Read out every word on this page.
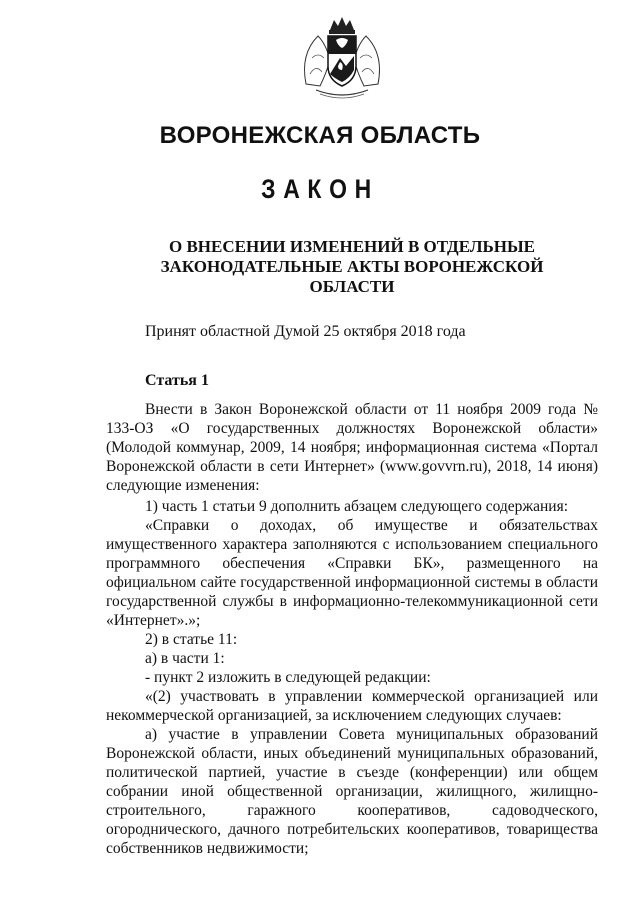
ВОРОНЕЖСКАЯ ОБЛАСТЬ
ЗАКОН
О ВНЕСЕНИИ ИЗМЕНЕНИЙ В ОТДЕЛЬНЫЕ ЗАКОНОДАТЕЛЬНЫЕ АКТЫ ВОРОНЕЖСКОЙ ОБЛАСТИ
Принят областной Думой 25 октября 2018 года
Статья 1

Внести в Закон Воронежской области от 11 ноября 2009 года № 133-ОЗ «О государственных должностях Воронежской области» (Молодой коммунар, 2009, 14 ноября; информационная система «Портал Воронежской области в сети Интернет» (www.govvrn.ru), 2018, 14 июня) следующие изменения:

1) часть 1 статьи 9 дополнить абзацем следующего содержания:

«Справки о доходах, об имуществе и обязательствах имущественного характера заполняются с использованием специального программного обеспечения «Справки БК», размещенного на официальном сайте государственной информационной системы в области государственной службы в информационно-телекоммуникационной сети «Интернет».»;

2) в статье 11:

а) в части 1:

- пункт 2 изложить в следующей редакции:

«(2) участвовать в управлении коммерческой организацией или некоммерческой организацией, за исключением следующих случаев:

а) участие в управлении Совета муниципальных образований Воронежской области, иных объединений муниципальных образований, политической партией, участие в съезде (конференции) или общем собрании иной общественной организации, жилищного, жилищно-строительного, гаражного кооперативов, садоводческого, огороднического, дачного потребительских кооперативов, товарищества собственников недвижимости;
